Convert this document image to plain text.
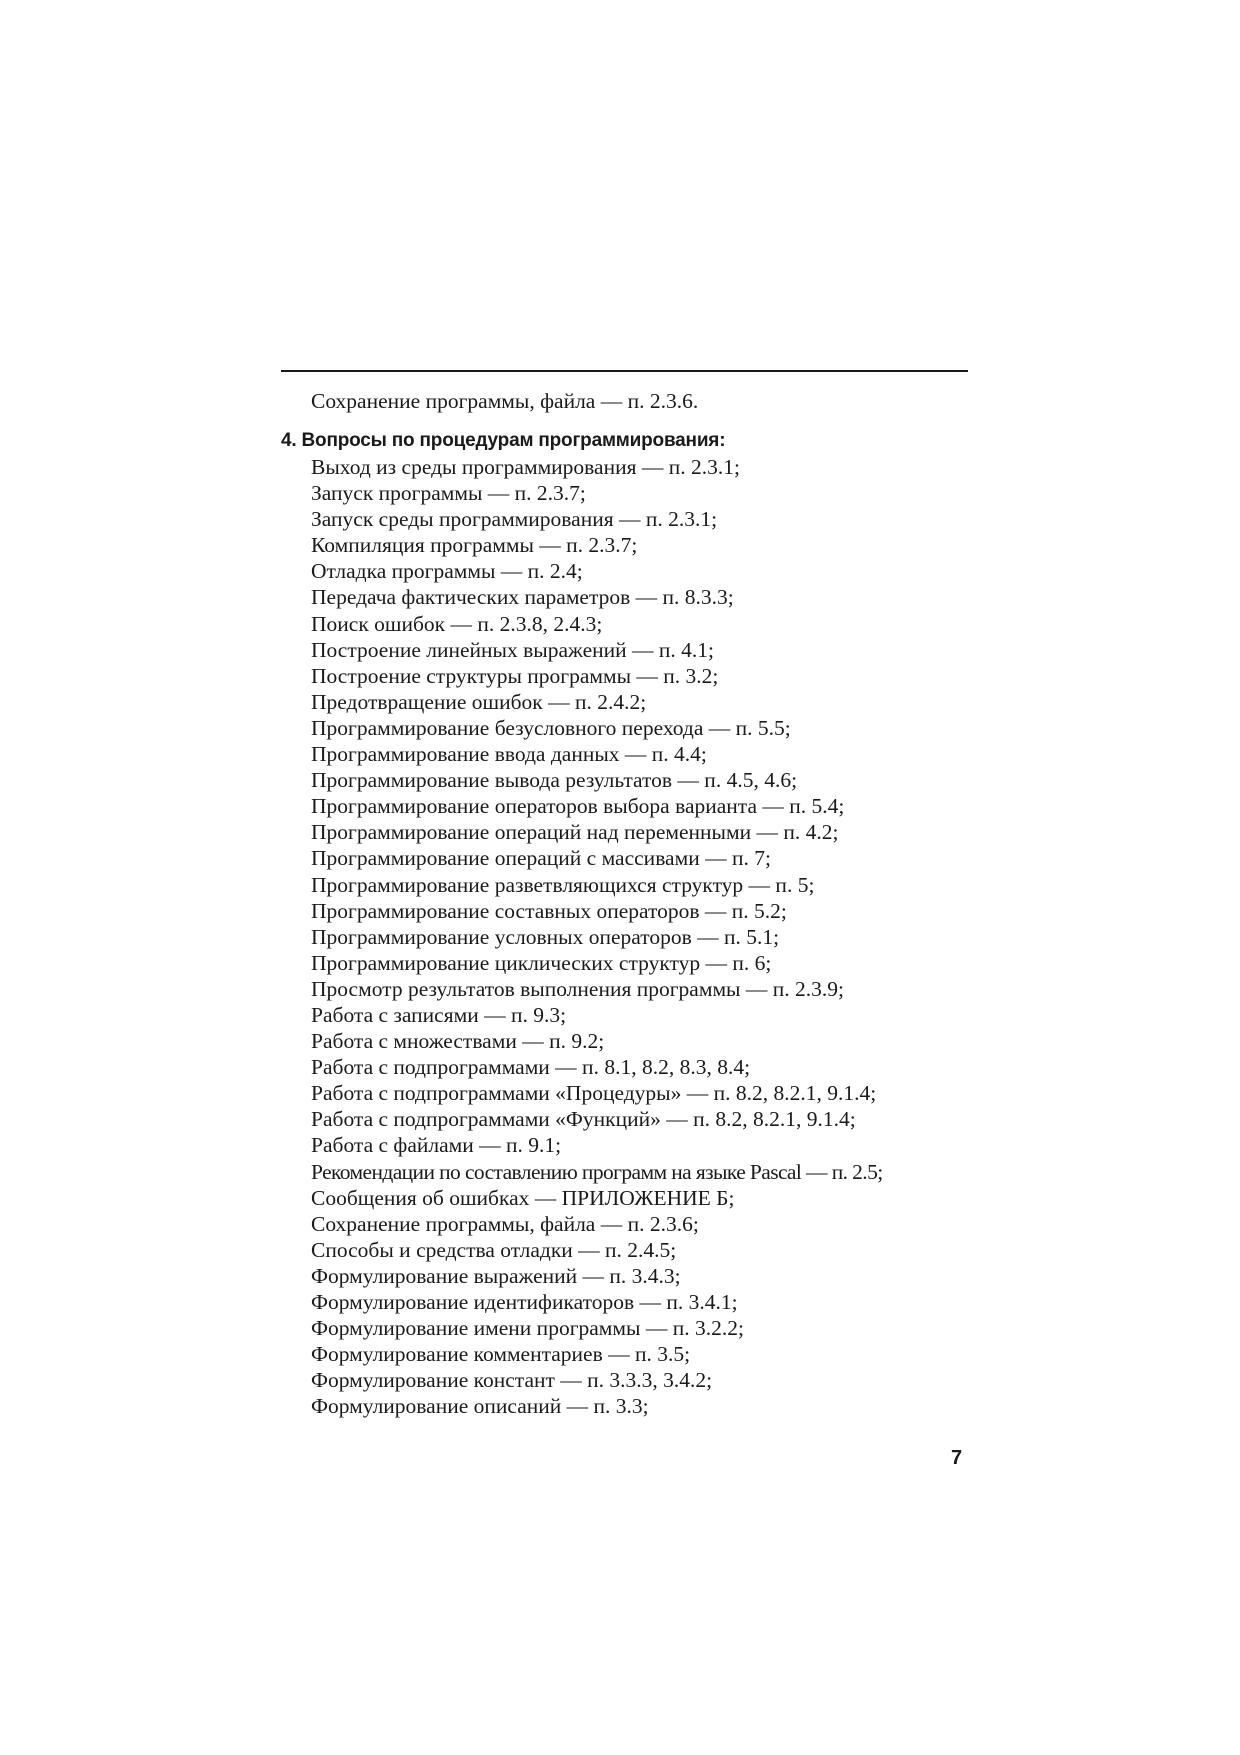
Сохранение программы, файла — п. 2.3.6.
4. Вопросы по процедурам программирования:
Выход из среды программирования — п. 2.3.1;
Запуск программы — п. 2.3.7;
Запуск среды программирования — п. 2.3.1;
Компиляция программы — п. 2.3.7;
Отладка программы — п. 2.4;
Передача фактических параметров — п. 8.3.3;
Поиск ошибок — п. 2.3.8, 2.4.3;
Построение линейных выражений — п. 4.1;
Построение структуры программы — п. 3.2;
Предотвращение ошибок — п. 2.4.2;
Программирование безусловного перехода — п. 5.5;
Программирование ввода данных — п. 4.4;
Программирование вывода результатов — п. 4.5, 4.6;
Программирование операторов выбора варианта — п. 5.4;
Программирование операций над переменными — п. 4.2;
Программирование операций с массивами — п. 7;
Программирование разветвляющихся структур — п. 5;
Программирование составных операторов — п. 5.2;
Программирование условных операторов — п. 5.1;
Программирование циклических структур — п. 6;
Просмотр результатов выполнения программы — п. 2.3.9;
Работа с записями — п. 9.3;
Работа с множествами — п. 9.2;
Работа с подпрограммами — п. 8.1, 8.2, 8.3, 8.4;
Работа с подпрограммами «Процедуры» — п. 8.2, 8.2.1, 9.1.4;
Работа с подпрограммами «Функций» — п. 8.2, 8.2.1, 9.1.4;
Работа с файлами — п. 9.1;
Рекомендации по составлению программ на языке Pascal — п. 2.5;
Сообщения об ошибках — ПРИЛОЖЕНИЕ Б;
Сохранение программы, файла — п. 2.3.6;
Способы и средства отладки — п. 2.4.5;
Формулирование выражений — п. 3.4.3;
Формулирование идентификаторов — п. 3.4.1;
Формулирование имени программы — п. 3.2.2;
Формулирование комментариев — п. 3.5;
Формулирование констант — п. 3.3.3, 3.4.2;
Формулирование описаний — п. 3.3;
7
